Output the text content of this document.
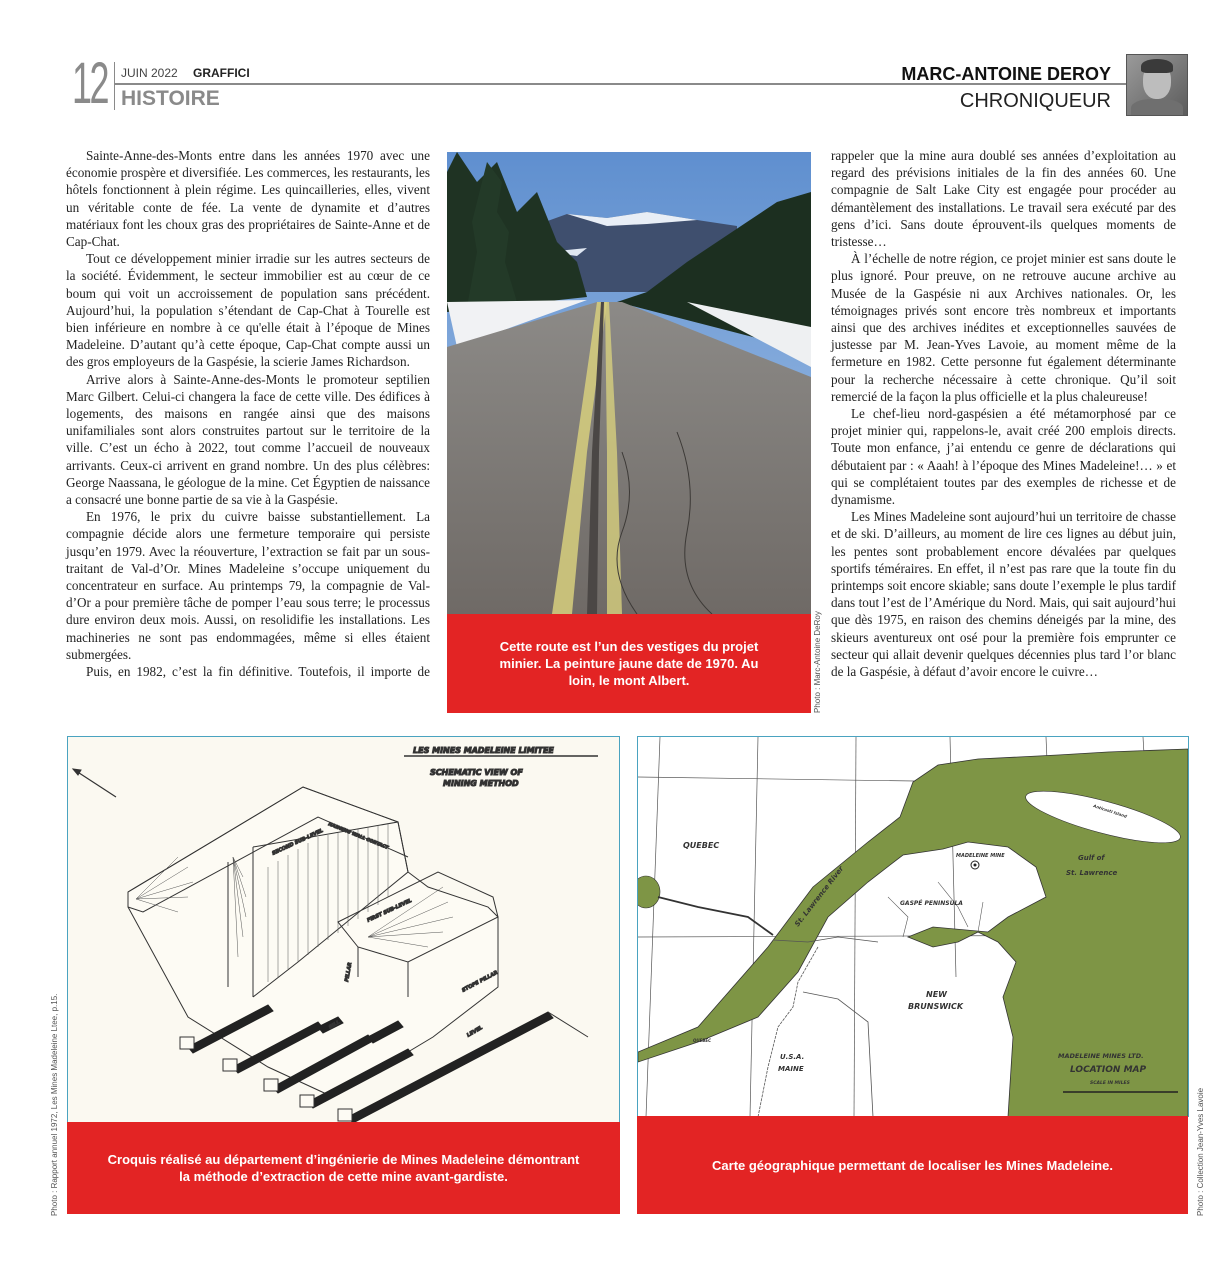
12 JUIN 2022 GRAFFICI
HISTOIRE
MARC-ANTOINE DEROY
CHRONIQUEUR

Sainte-Anne-des-Monts entre dans les années 1970 avec une économie prospère et diversifiée. Les commerces, les restaurants, les hôtels fonctionnent à plein régime. Les quincailleries, elles, vivent un véritable conte de fée. La vente de dynamite et d’autres matériaux font les choux gras des propriétaires de Sainte-Anne et de Cap-Chat.

Tout ce développement minier irradie sur les autres secteurs de la société. Évidemment, le secteur immobilier est au cœur de ce boum qui voit un accroissement de population sans précédent. Aujourd’hui, la population s’étendant de Cap-Chat à Tourelle est bien inférieure en nombre à ce qu'elle était à l’époque de Mines Madeleine. D’autant qu’à cette époque, Cap-Chat compte aussi un des gros employeurs de la Gaspésie, la scierie James Richardson.

Arrive alors à Sainte-Anne-des-Monts le promoteur septilien Marc Gilbert. Celui-ci changera la face de cette ville. Des édifices à logements, des maisons en rangée ainsi que des maisons unifamiliales sont alors construites partout sur le territoire de la ville. C’est un écho à 2022, tout comme l’accueil de nouveaux arrivants. Ceux-ci arrivent en grand nombre. Un des plus célèbres: George Naassana, le géologue de la mine. Cet Égyptien de naissance a consacré une bonne partie de sa vie à la Gaspésie.

En 1976, le prix du cuivre baisse substantiellement. La compagnie décide alors une fermeture temporaire qui persiste jusqu’en 1979. Avec la réouverture, l’extraction se fait par un sous-traitant de Val-d’Or. Mines Madeleine s’occupe uniquement du concentrateur en surface. Au printemps 79, la compagnie de Val-d’Or a pour première tâche de pomper l’eau sous terre; le processus dure environ deux mois. Aussi, on resolidifie les installations. Les machineries ne sont pas endommagées, même si elles étaient submergées.

Puis, en 1982, c’est la fin définitive. Toutefois, il importe de

Cette route est l’un des vestiges du projet minier. La peinture jaune date de 1970. Au loin, le mont Albert.	Photo : Marc-Antoine DeRoy

rappeler que la mine aura doublé ses années d’exploitation au regard des prévisions initiales de la fin des années 60. Une compagnie de Salt Lake City est engagée pour procéder au démantèlement des installations. Le travail sera exécuté par des gens d’ici. Sans doute éprouvent-ils quelques moments de tristesse…

À l’échelle de notre région, ce projet minier est sans doute le plus ignoré. Pour preuve, on ne retrouve aucune archive au Musée de la Gaspésie ni aux Archives nationales. Or, les témoignages privés sont encore très nombreux et importants ainsi que des archives inédites et exceptionnelles sauvées de justesse par M. Jean-Yves Lavoie, au moment même de la fermeture en 1982. Cette personne fut également déterminante pour la recherche nécessaire à cette chronique. Qu’il soit remercié de la façon la plus officielle et la plus chaleureuse!

Le chef-lieu nord-gaspésien a été métamorphosé par ce projet minier qui, rappelons-le, avait créé 200 emplois directs. Toute mon enfance, j’ai entendu ce genre de déclarations qui débutaient par : « Aaah! à l’époque des Mines Madeleine!… » et qui se complétaient toutes par des exemples de richesse et de dynamisme.

Les Mines Madeleine sont aujourd’hui un territoire de chasse et de ski. D’ailleurs, au moment de lire ces lignes au début juin, les pentes sont probablement encore dévalées par quelques sportifs téméraires. En effet, il n’est pas rare que la toute fin du printemps soit encore skiable; sans doute l’exemple le plus tardif dans tout l’est de l’Amérique du Nord. Mais, qui sait aujourd’hui que dès 1975, en raison des chemins déneigés par la mine, des skieurs aventureux ont osé pour la première fois emprunter ce secteur qui allait devenir quelques décennies plus tard l’or blanc de la Gaspésie, à défaut d’avoir encore le cuivre…

LES MINES MADELEINE LIMITEE
SCHEMATIC VIEW OF
MINING METHOD
SECOND SUB-LEVEL
FIRST SUB-LEVEL
HANGING WALL CONTACT
PILLAR
SILL	LEVEL
STOPE PILLAR
Croquis réalisé au département d’ingénierie de Mines Madeleine démontrant
la méthode d’extraction de cette mine avant-gardiste.
Photo : Rapport annuel 1972, Les Mines Madeleine Ltee, p.15.
QUEBEC
St. Lawrence River
MADELEINE MINE
GASPÉ PENINSULA
Gulf of
St. Lawrence
Anticosti Island
NEW
BRUNSWICK
U.S.A.
MAINE
QUEBEC
MADELEINE MINES LTD.
LOCATION MAP
SCALE IN MILES
Carte géographique permettant de localiser les Mines Madeleine.	Photo : Collection Jean-Yves Lavoie
